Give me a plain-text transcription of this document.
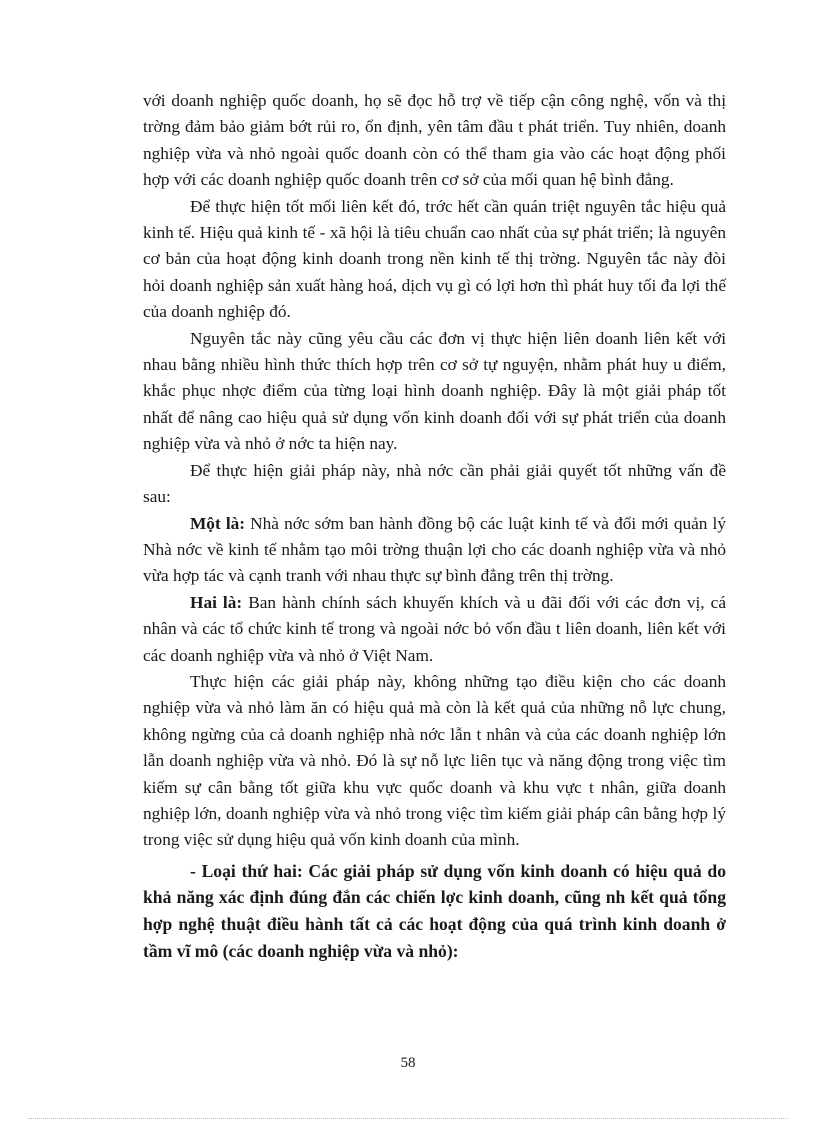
với doanh nghiệp quốc doanh, họ sẽ đọc hỗ trợ về tiếp cận công nghệ, vốn và thị trờng đảm bảo giảm bớt rủi ro, ổn định, yên tâm đầu t phát triển. Tuy nhiên, doanh nghiệp vừa và nhỏ ngoài quốc doanh còn có thể tham gia vào các hoạt động phối hợp với các doanh nghiệp quốc doanh trên cơ sở của mối quan hệ bình đẳng.

Để thực hiện tốt mối liên kết đó, trớc hết cần quán triệt nguyên tắc hiệu quả kinh tế. Hiệu quả kinh tế - xã hội là tiêu chuẩn cao nhất của sự phát triển; là nguyên cơ bản của hoạt động kinh doanh trong nền kinh tế thị trờng. Nguyên tắc này đòi hỏi doanh nghiệp sản xuất hàng hoá, dịch vụ gì có lợi hơn thì phát huy tối đa lợi thế của doanh nghiệp đó.

Nguyên tắc này cũng yêu cầu các đơn vị thực hiện liên doanh liên kết với nhau bằng nhiều hình thức thích hợp trên cơ sở tự nguyện, nhằm phát huy u điểm, khắc phục nhợc điểm của từng loại hình doanh nghiệp. Đây là một giải pháp tốt nhất để nâng cao hiệu quả sử dụng vốn kinh doanh đối với sự phát triển của doanh nghiệp vừa và nhỏ ở nớc ta hiện nay.

Để thực hiện giải pháp này, nhà nớc cần phải giải quyết tốt những vấn đề sau:

Một là: Nhà nớc sớm ban hành đồng bộ các luật kinh tế và đổi mới quản lý Nhà nớc về kinh tế nhằm tạo môi trờng thuận lợi cho các doanh nghiệp vừa và nhỏ vừa hợp tác và cạnh tranh với nhau thực sự bình đẳng trên thị trờng.

Hai là: Ban hành chính sách khuyến khích và u đãi đối với các đơn vị, cá nhân và các tổ chức kinh tế trong và ngoài nớc bỏ vốn đầu t liên doanh, liên kết với các doanh nghiệp vừa và nhỏ ở Việt Nam.

Thực hiện các giải pháp này, không những tạo điều kiện cho các doanh nghiệp vừa và nhỏ làm ăn có hiệu quả mà còn là kết quả của những nỗ lực chung, không ngừng của cả doanh nghiệp nhà nớc lẫn t nhân và của các doanh nghiệp lớn lẫn doanh nghiệp vừa và nhỏ. Đó là sự nỗ lực liên tục và năng động trong việc tìm kiếm sự cân bằng tốt giữa khu vực quốc doanh và khu vực t nhân, giữa doanh nghiệp lớn, doanh nghiệp vừa và nhỏ trong việc tìm kiếm giải pháp cân bằng hợp lý trong việc sử dụng hiệu quả vốn kinh doanh của mình.

- Loại thứ hai: Các giải pháp sử dụng vốn kinh doanh có hiệu quả do khả năng xác định đúng đắn các chiến lợc kinh doanh, cũng nh kết quả tổng hợp nghệ thuật điều hành tất cả các hoạt động của quá trình kinh doanh ở tầm vĩ mô (các doanh nghiệp vừa và nhỏ):

58
